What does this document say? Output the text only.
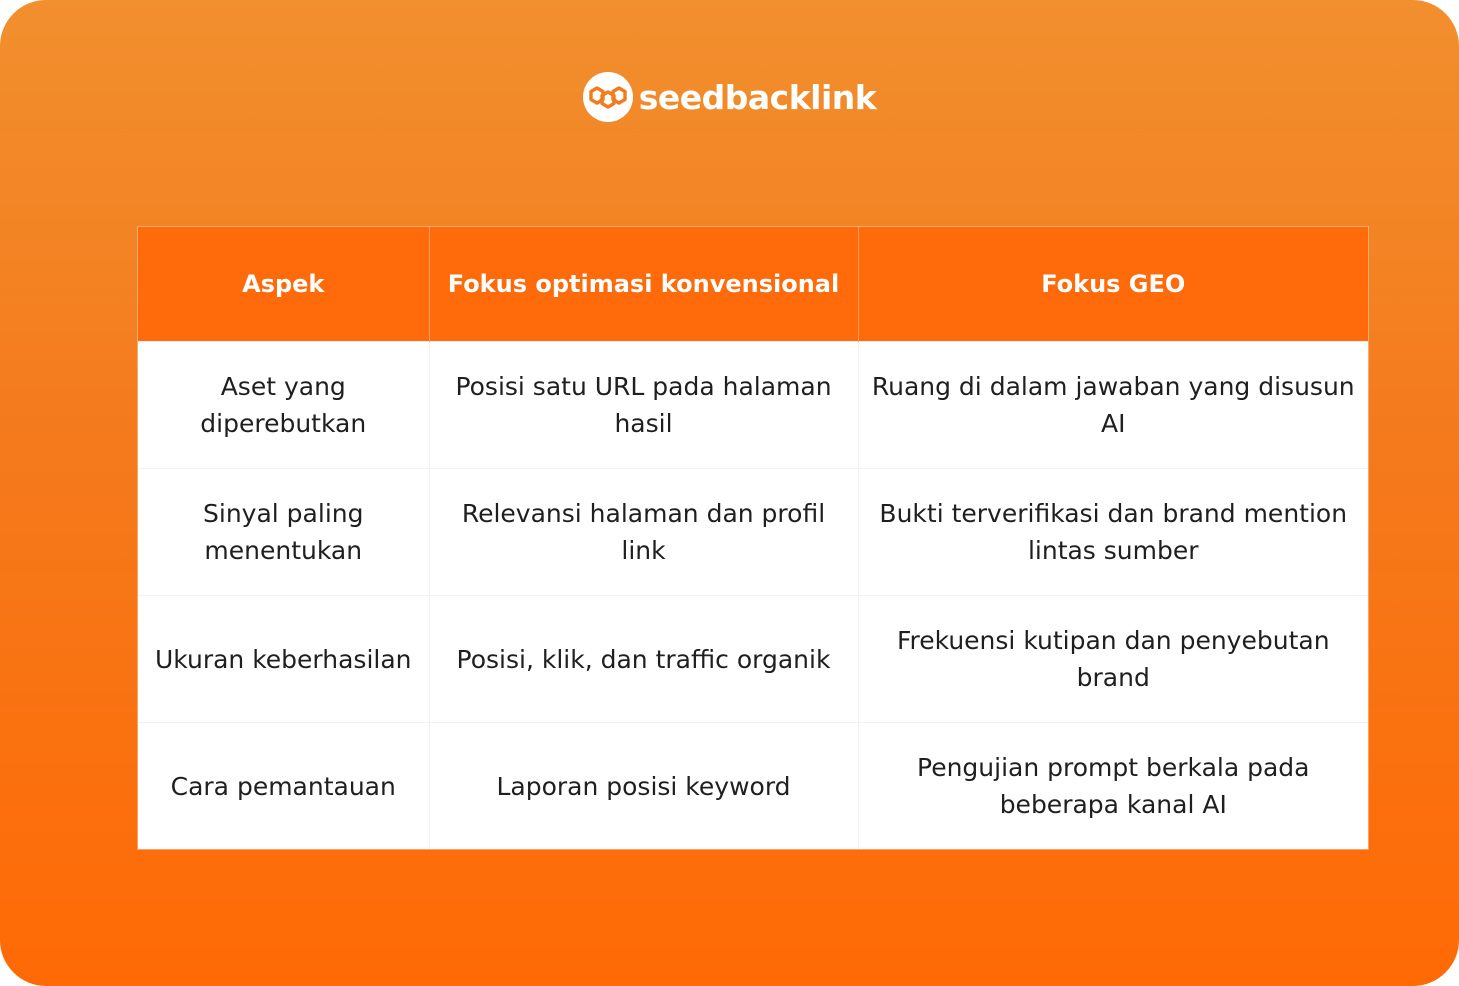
seedbacklink
Aspek	Fokus optimasi konvensional	Fokus GEO
Aset yang diperebutkan	Posisi satu URL pada halaman hasil	Ruang di dalam jawaban yang disusun AI
Sinyal paling menentukan	Relevansi halaman dan profil link	Bukti terverifikasi dan brand mention lintas sumber
Ukuran keberhasilan	Posisi, klik, dan traffic organik	Frekuensi kutipan dan penyebutan brand
Cara pemantauan	Laporan posisi keyword	Pengujian prompt berkala pada beberapa kanal AI
